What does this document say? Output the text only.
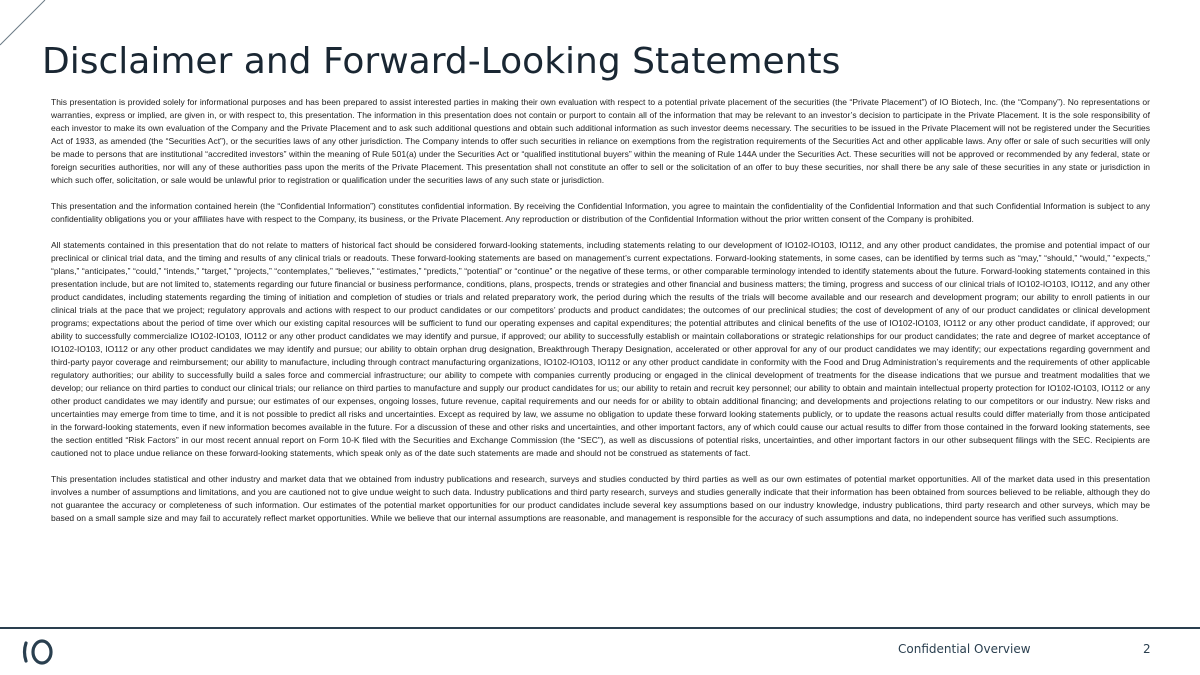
Disclaimer and Forward-Looking Statements

This presentation is provided solely for informational purposes and has been prepared to assist interested parties in making their own evaluation with respect to a potential private placement of the securities (the “Private Placement”) of IO Biotech, Inc. (the “Company”). No representations or warranties, express or implied, are given in, or with respect to, this presentation. The information in this presentation does not contain or purport to contain all of the information that may be relevant to an investor’s decision to participate in the Private Placement. It is the sole responsibility of each investor to make its own evaluation of the Company and the Private Placement and to ask such additional questions and obtain such additional information as such investor deems necessary. The securities to be issued in the Private Placement will not be registered under the Securities Act of 1933, as amended (the “Securities Act”), or the securities laws of any other jurisdiction. The Company intends to offer such securities in reliance on exemptions from the registration requirements of the Securities Act and other applicable laws. Any offer or sale of such securities will only be made to persons that are institutional “accredited investors” within the meaning of Rule 501(a) under the Securities Act or “qualified institutional buyers” within the meaning of Rule 144A under the Securities Act. These securities will not be approved or recommended by any federal, state or foreign securities authorities, nor will any of these authorities pass upon the merits of the Private Placement. This presentation shall not constitute an offer to sell or the solicitation of an offer to buy these securities, nor shall there be any sale of these securities in any state or jurisdiction in which such offer, solicitation, or sale would be unlawful prior to registration or qualification under the securities laws of any such state or jurisdiction.

This presentation and the information contained herein (the “Confidential Information”) constitutes confidential information. By receiving the Confidential Information, you agree to maintain the confidentiality of the Confidential Information and that such Confidential Information is subject to any confidentiality obligations you or your affiliates have with respect to the Company, its business, or the Private Placement. Any reproduction or distribution of the Confidential Information without the prior written consent of the Company is prohibited.

All statements contained in this presentation that do not relate to matters of historical fact should be considered forward-looking statements, including statements relating to our development of IO102-IO103, IO112, and any other product candidates, the promise and potential impact of our preclinical or clinical trial data, and the timing and results of any clinical trials or readouts. These forward-looking statements are based on management’s current expectations. Forward-looking statements, in some cases, can be identified by terms such as “may,” “should,” “would,” “expects,” “plans,” “anticipates,” “could,” “intends,” “target,” “projects,” “contemplates,” “believes,” “estimates,” “predicts,” “potential” or “continue” or the negative of these terms, or other comparable terminology intended to identify statements about the future. Forward-looking statements contained in this presentation include, but are not limited to, statements regarding our future financial or business performance, conditions, plans, prospects, trends or strategies and other financial and business matters; the timing, progress and success of our clinical trials of IO102-IO103, IO112, and any other product candidates, including statements regarding the timing of initiation and completion of studies or trials and related preparatory work, the period during which the results of the trials will become available and our research and development program; our ability to enroll patients in our clinical trials at the pace that we project; regulatory approvals and actions with respect to our product candidates or our competitors’ products and product candidates; the outcomes of our preclinical studies; the cost of development of any of our product candidates or clinical development programs; expectations about the period of time over which our existing capital resources will be sufficient to fund our operating expenses and capital expenditures; the potential attributes and clinical benefits of the use of IO102-IO103, IO112 or any other product candidate, if approved; our ability to successfully commercialize IO102-IO103, IO112 or any other product candidates we may identify and pursue, if approved; our ability to successfully establish or maintain collaborations or strategic relationships for our product candidates; the rate and degree of market acceptance of IO102-IO103, IO112 or any other product candidates we may identify and pursue; our ability to obtain orphan drug designation, Breakthrough Therapy Designation, accelerated or other approval for any of our product candidates we may identify; our expectations regarding government and third-party payor coverage and reimbursement; our ability to manufacture, including through contract manufacturing organizations, IO102-IO103, IO112 or any other product candidate in conformity with the Food and Drug Administration’s requirements and the requirements of other applicable regulatory authorities; our ability to successfully build a sales force and commercial infrastructure; our ability to compete with companies currently producing or engaged in the clinical development of treatments for the disease indications that we pursue and treatment modalities that we develop; our reliance on third parties to conduct our clinical trials; our reliance on third parties to manufacture and supply our product candidates for us; our ability to retain and recruit key personnel; our ability to obtain and maintain intellectual property protection for IO102-IO103, IO112 or any other product candidates we may identify and pursue; our estimates of our expenses, ongoing losses, future revenue, capital requirements and our needs for or ability to obtain additional financing; and developments and projections relating to our competitors or our industry. New risks and uncertainties may emerge from time to time, and it is not possible to predict all risks and uncertainties. Except as required by law, we assume no obligation to update these forward looking statements publicly, or to update the reasons actual results could differ materially from those anticipated in the forward-looking statements, even if new information becomes available in the future. For a discussion of these and other risks and uncertainties, and other important factors, any of which could cause our actual results to differ from those contained in the forward looking statements, see the section entitled “Risk Factors” in our most recent annual report on Form 10-K filed with the Securities and Exchange Commission (the “SEC”), as well as discussions of potential risks, uncertainties, and other important factors in our other subsequent filings with the SEC. Recipients are cautioned not to place undue reliance on these forward-looking statements, which speak only as of the date such statements are made and should not be construed as statements of fact.

This presentation includes statistical and other industry and market data that we obtained from industry publications and research, surveys and studies conducted by third parties as well as our own estimates of potential market opportunities. All of the market data used in this presentation involves a number of assumptions and limitations, and you are cautioned not to give undue weight to such data. Industry publications and third party research, surveys and studies generally indicate that their information has been obtained from sources believed to be reliable, although they do not guarantee the accuracy or completeness of such information. Our estimates of the potential market opportunities for our product candidates include several key assumptions based on our industry knowledge, industry publications, third party research and other surveys, which may be based on a small sample size and may fail to accurately reflect market opportunities. While we believe that our internal assumptions are reasonable, and management is responsible for the accuracy of such assumptions and data, no independent source has verified such assumptions.

Confidential Overview	2
